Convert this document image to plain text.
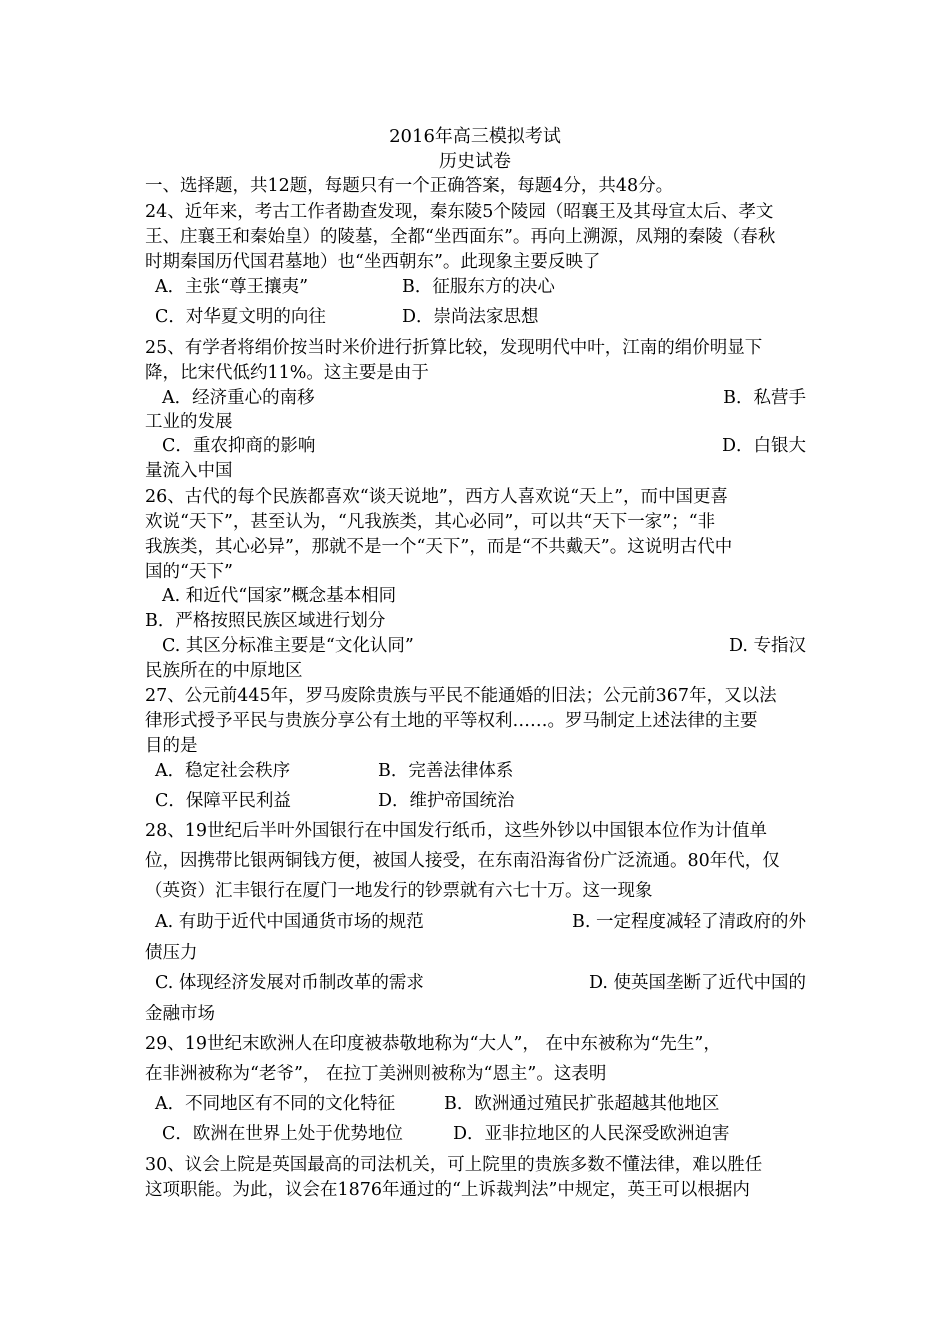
2016年高三模拟考试
历史试卷
一、选择题，共12题，每题只有一个正确答案，每题4分，共48分。
24、近年来，考古工作者勘查发现，秦东陵5个陵园（昭襄王及其母宣太后、孝文
王、庄襄王和秦始皇）的陵墓，全都“坐西面东”。再向上溯源，凤翔的秦陵（春秋
时期秦国历代国君墓地）也“坐西朝东”。此现象主要反映了
A．主张“尊王攘夷”	B．征服东方的决心
C．对华夏文明的向往	D．崇尚法家思想
25、有学者将绢价按当时米价进行折算比较，发现明代中叶，江南的绢价明显下
降，比宋代低约11%。这主要是由于
A．经济重心的南移	B．私营手
工业的发展
C．重农抑商的影响	D．白银大
量流入中国
26、古代的每个民族都喜欢“谈天说地”，西方人喜欢说“天上”，而中国更喜
欢说“天下”，甚至认为，“凡我族类，其心必同”，可以共“天下一家”；“非
我族类，其心必异”，那就不是一个“天下”，而是“不共戴天”。这说明古代中
国的“天下”
A. 和近代“国家”概念基本相同
B．严格按照民族区域进行划分
C. 其区分标准主要是“文化认同”	D. 专指汉
民族所在的中原地区
27、公元前445年，罗马废除贵族与平民不能通婚的旧法；公元前367年，又以法
律形式授予平民与贵族分享公有土地的平等权利……。罗马制定上述法律的主要
目的是
A．稳定社会秩序	B．完善法律体系
C．保障平民利益	D．维护帝国统治
28、19世纪后半叶外国银行在中国发行纸币，这些外钞以中国银本位作为计值单
位，因携带比银两铜钱方便，被国人接受，在东南沿海省份广泛流通。80年代，仅
（英资）汇丰银行在厦门一地发行的钞票就有六七十万。这一现象
A. 有助于近代中国通货市场的规范	B. 一定程度减轻了清政府的外
债压力
C. 体现经济发展对币制改革的需求	D. 使英国垄断了近代中国的
金融市场
29、19世纪末欧洲人在印度被恭敬地称为“大人”， 在中东被称为“先生”，
在非洲被称为“老爷”， 在拉丁美洲则被称为“恩主”。这表明
A．不同地区有不同的文化特征	B．欧洲通过殖民扩张超越其他地区
C．欧洲在世界上处于优势地位	D．亚非拉地区的人民深受欧洲迫害
30、议会上院是英国最高的司法机关，可上院里的贵族多数不懂法律，难以胜任
这项职能。为此，议会在1876年通过的“上诉裁判法”中规定，英王可以根据内
